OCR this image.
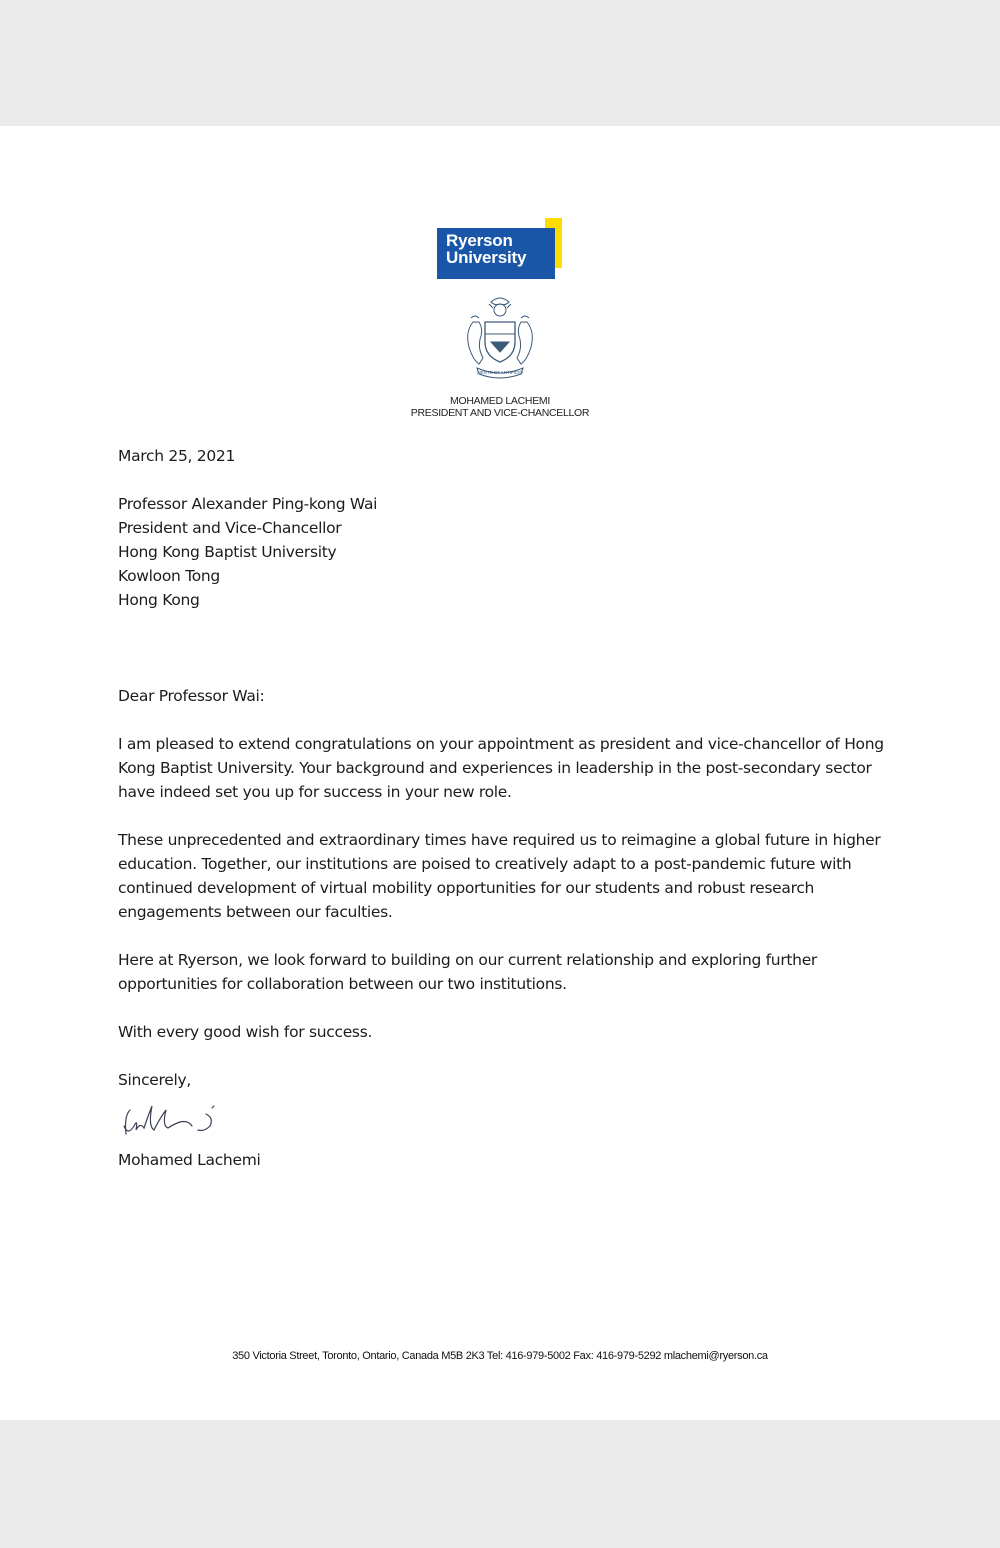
Ryerson
University
MENTE ET ARTIFICIO
MOHAMED LACHEMI
PRESIDENT AND VICE-CHANCELLOR

March 25, 2021

Professor Alexander Ping-kong Wai

President and Vice-Chancellor

Hong Kong Baptist University

Kowloon Tong

Hong Kong

Dear Professor Wai:

I am pleased to extend congratulations on your appointment as president and vice-chancellor of Hong Kong Baptist University. Your background and experiences in leadership in the post-secondary sector have indeed set you up for success in your new role.

These unprecedented and extraordinary times have required us to reimagine a global future in higher education. Together, our institutions are poised to creatively adapt to a post-pandemic future with continued development of virtual mobility opportunities for our students and robust research engagements between our faculties.

Here at Ryerson, we look forward to building on our current relationship and exploring further opportunities for collaboration between our two institutions.

With every good wish for success.

Sincerely,

Mohamed Lachemi

350 Victoria Street, Toronto, Ontario, Canada M5B 2K3 Tel: 416-979-5002 Fax: 416-979-5292 mlachemi@ryerson.ca
